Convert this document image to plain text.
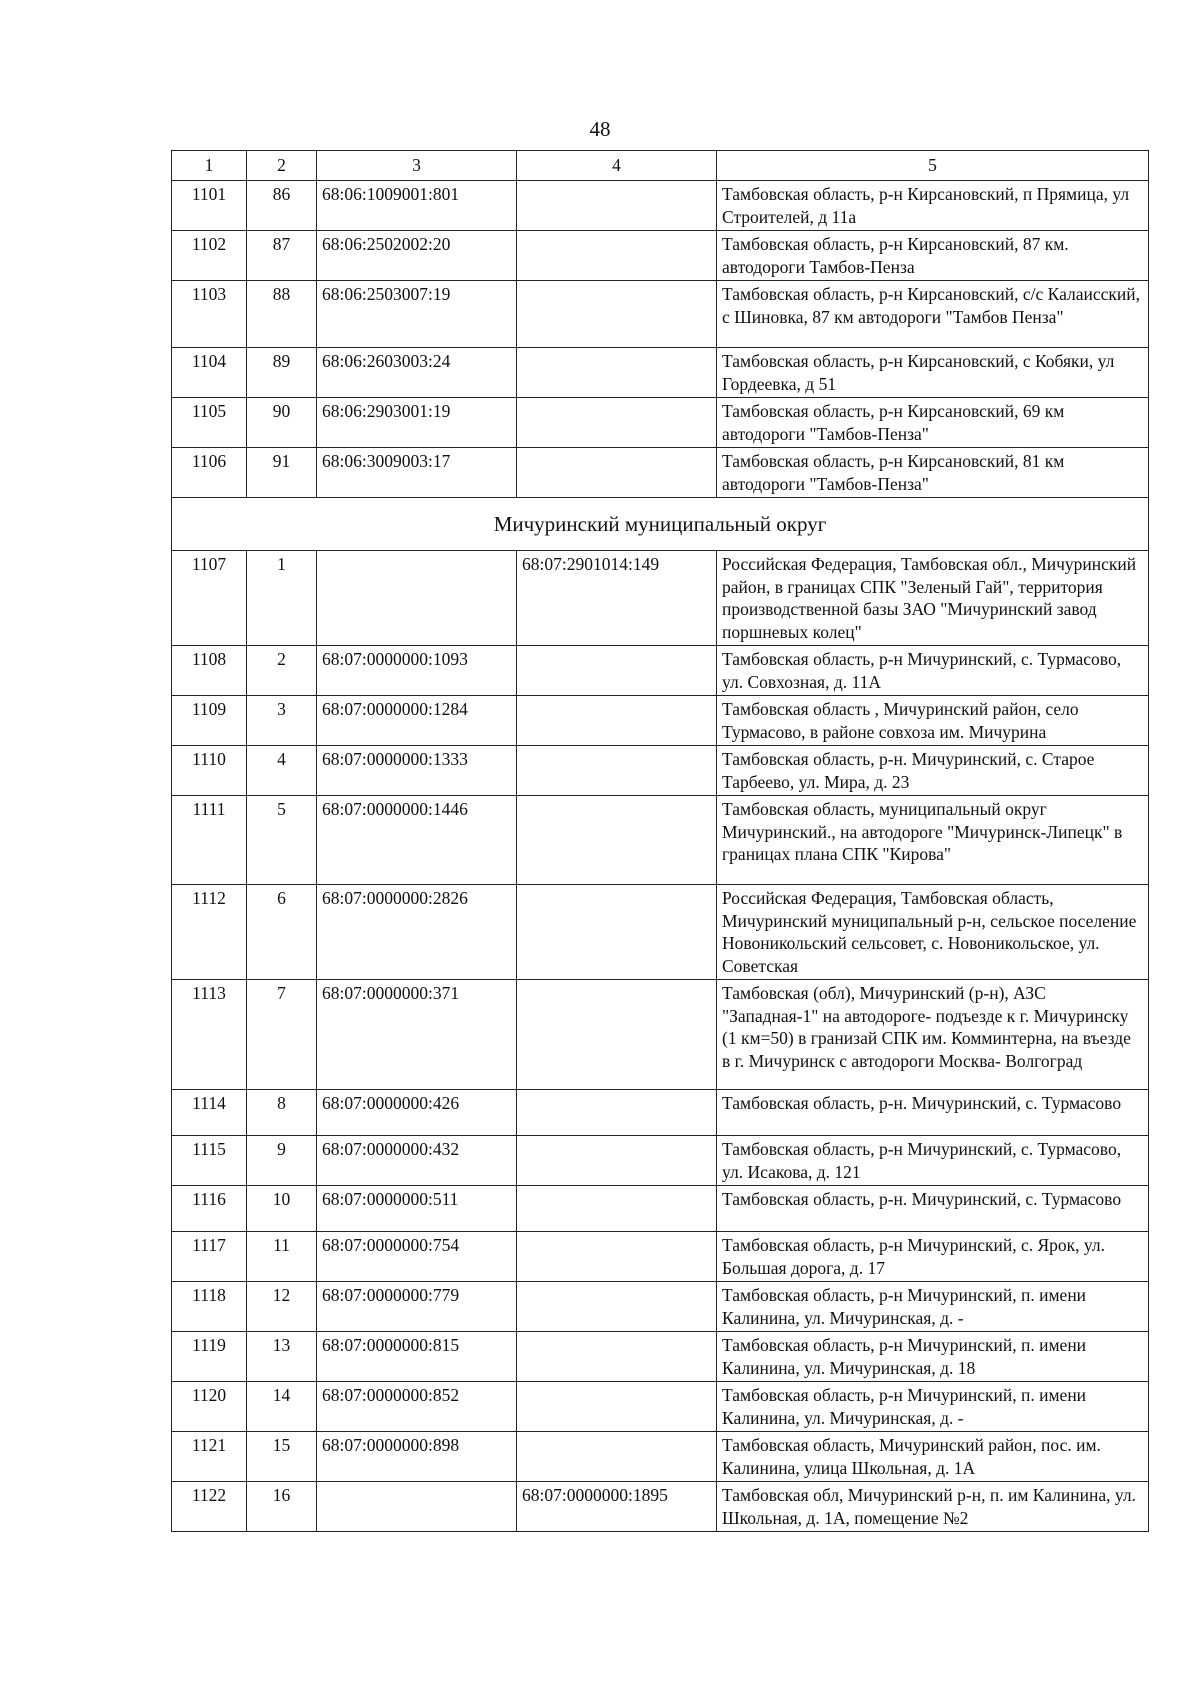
48
1	2	3	4	5
1101	86	68:06:1009001:801		Тамбовская область, р-н Кирсановский, п Прямица, ул Строителей, д 11а
1102	87	68:06:2502002:20		Тамбовская область, р-н Кирсановский, 87 км. автодороги Тамбов-Пенза
1103	88	68:06:2503007:19		Тамбовская область, р-н Кирсановский, с/с Калаисский, с Шиновка, 87 км автодороги "Тамбов Пенза"
1104	89	68:06:2603003:24		Тамбовская область, р-н Кирсановский, с Кобяки, ул Гордеевка, д 51
1105	90	68:06:2903001:19		Тамбовская область, р-н Кирсановский, 69 км автодороги "Тамбов-Пенза"
1106	91	68:06:3009003:17		Тамбовская область, р-н Кирсановский, 81 км автодороги "Тамбов-Пенза"
Мичуринский муниципальный округ				
1107	1		68:07:2901014:149	Российская Федерация, Тамбовская обл., Мичуринский район, в границах СПК "Зеленый Гай", территория производственной базы ЗАО "Мичуринский завод поршневых колец"
1108	2	68:07:0000000:1093		Тамбовская область, р-н Мичуринский, с. Турмасово, ул. Совхозная, д. 11А
1109	3	68:07:0000000:1284		Тамбовская область , Мичуринский район, село Турмасово, в районе совхоза им. Мичурина
1110	4	68:07:0000000:1333		Тамбовская область, р-н. Мичуринский, с. Старое Тарбеево, ул. Мира, д. 23
1111	5	68:07:0000000:1446		Тамбовская область, муниципальный округ Мичуринский., на автодороге "Мичуринск-Липецк" в границах плана СПК "Кирова"
1112	6	68:07:0000000:2826		Российская Федерация, Тамбовская область, Мичуринский муниципальный р-н, сельское поселение Новоникольский сельсовет, с. Новоникольское, ул. Советская
1113	7	68:07:0000000:371		Тамбовская (обл), Мичуринский (р-н), АЗС "Западная-1" на автодороге- подъезде к г. Мичуринску (1 км=50) в гранизай СПК им. Комминтерна, на въезде в г. Мичуринск с автодороги Москва- Волгоград
1114	8	68:07:0000000:426		Тамбовская область, р-н. Мичуринский, с. Турмасово
1115	9	68:07:0000000:432		Тамбовская область, р-н Мичуринский, с. Турмасово, ул. Исакова, д. 121
1116	10	68:07:0000000:511		Тамбовская область, р-н. Мичуринский, с. Турмасово
1117	11	68:07:0000000:754		Тамбовская область, р-н Мичуринский, с. Ярок, ул. Большая дорога, д. 17
1118	12	68:07:0000000:779		Тамбовская область, р-н Мичуринский, п. имени Калинина, ул. Мичуринская, д. -
1119	13	68:07:0000000:815		Тамбовская область, р-н Мичуринский, п. имени Калинина, ул. Мичуринская, д. 18
1120	14	68:07:0000000:852		Тамбовская область, р-н Мичуринский, п. имени Калинина, ул. Мичуринская, д. -
1121	15	68:07:0000000:898		Тамбовская область, Мичуринский район, пос. им. Калинина, улица Школьная, д. 1А
1122	16		68:07:0000000:1895	Тамбовская обл, Мичуринский р-н, п. им Калинина, ул. Школьная, д. 1А, помещение №2
